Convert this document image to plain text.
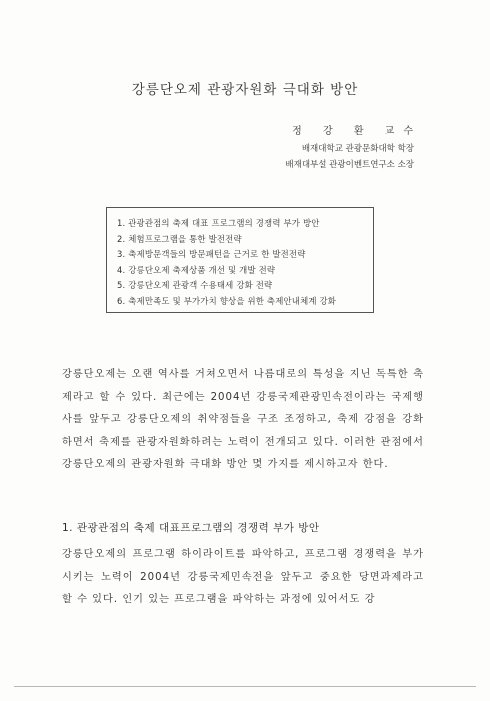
강릉단오제 관광자원화 극대화 방안
정 강 환 교수
배재대학교 관광문화대학 학장
배재대부설 관광이벤트연구소 소장
1. 관광관점의 축제 대표 프로그램의 경쟁력 부가 방안
2. 체험프로그램을 통한 발전전략
3. 축제방문객들의 방문패턴을 근거로 한 발전전략
4. 강릉단오제 축제상품 개선 및 개발 전략
5. 강릉단오제 관광객 수용태세 강화 전략
6. 축제만족도 및 부가가치 향상을 위한 축제안내체계 강화
강릉단오제는 오랜 역사를 거쳐오면서 나름대로의 특성을 지닌 독특한 축제라고 할 수 있다. 최근에는 2004년 강릉국제관광민속전이라는 국제행사를 앞두고 강릉단오제의 취약점들을 구조 조정하고, 축제 강점을 강화하면서 축제를 관광자원화하려는 노력이 전개되고 있다. 이러한 관점에서 강릉단오제의 관광자원화 극대화 방안 몇 가지를 제시하고자 한다.
1. 관광관점의 축제 대표프로그램의 경쟁력 부가 방안
강릉단오제의 프로그램 하이라이트를 파악하고, 프로그램 경쟁력을 부가시키는 노력이 2004년 강릉국제민속전을 앞두고 중요한 당면과제라고 할 수 있다. 인기 있는 프로그램을 파악하는 과정에 있어서도 강
